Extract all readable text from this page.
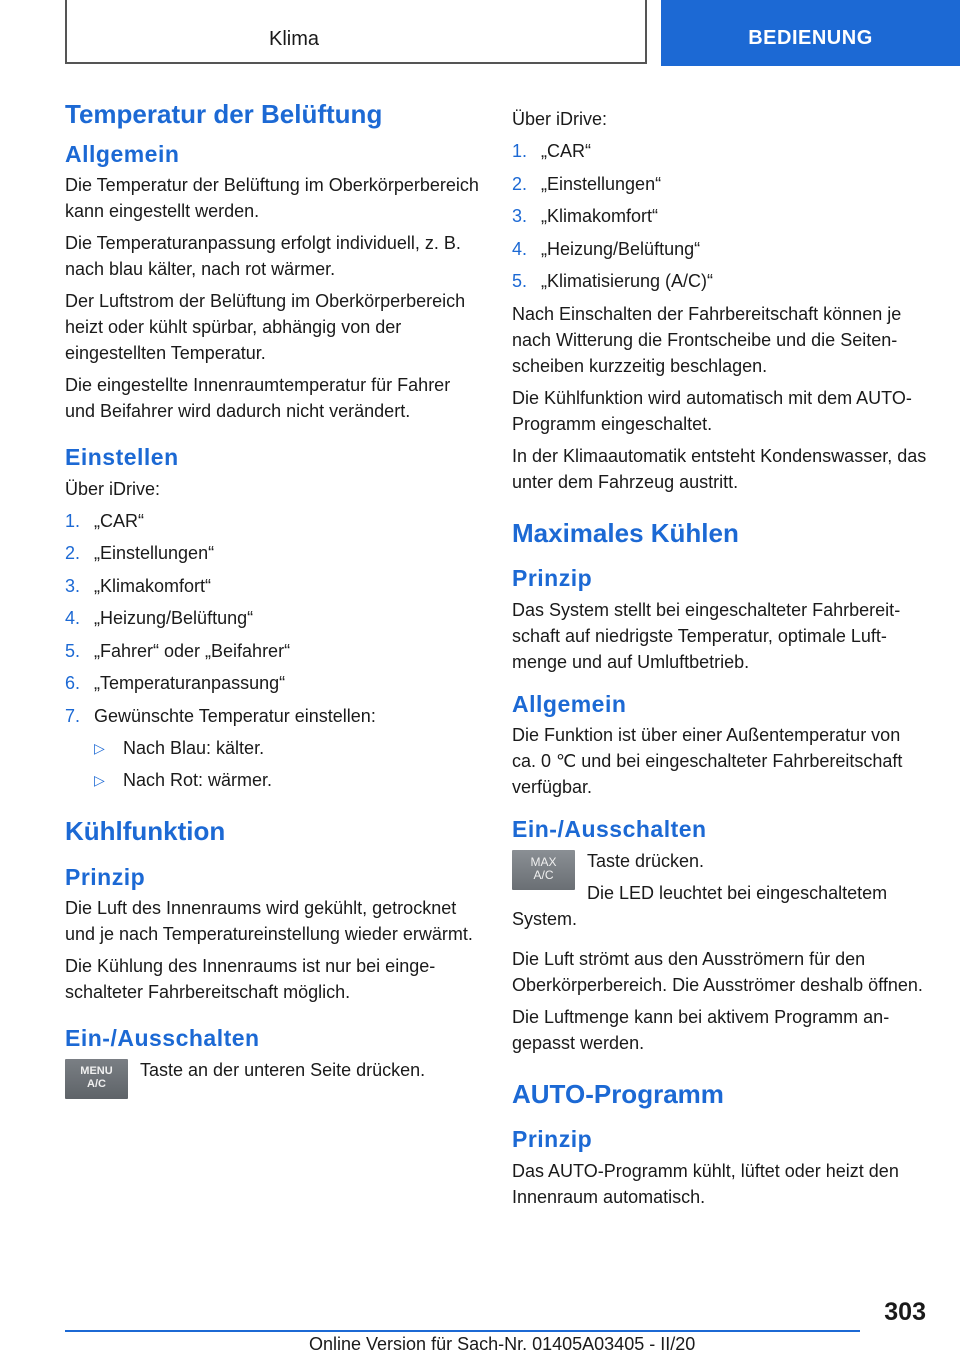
Klima	BEDIENUNG
Temperatur der Belüftung
Allgemein

Die Temperatur der Belüftung im Oberkörperbereich kann eingestellt werden.

Die Temperaturanpassung erfolgt individuell, z. B. nach blau kälter, nach rot wärmer.

Der Luftstrom der Belüftung im Oberkörperbereich heizt oder kühlt spürbar, abhängig von der eingestellten Temperatur.

Die eingestellte Innenraumtemperatur für Fahrer und Beifahrer wird dadurch nicht verändert.

Einstellen

Über iDrive:

1. „CAR“
2. „Einstellungen“
3. „Klimakomfort“
4. „Heizung/Belüftung“
5. „Fahrer“ oder „Beifahrer“
6. „Temperaturanpassung“
7. Gewünschte Temperatur einstellen:
▷ Nach Blau: kälter.
▷ Nach Rot: wärmer.
Kühlfunktion
Prinzip

Die Luft des Innenraums wird gekühlt, getrocknet und je nach Temperatureinstellung wieder erwärmt.

Die Kühlung des Innenraums ist nur bei eingeschalteter Fahrbereitschaft möglich.

Ein-/Ausschalten
MENU
A/C

Taste an der unteren Seite drücken.

Über iDrive:

1. „CAR“
2. „Einstellungen“
3. „Klimakomfort“
4. „Heizung/Belüftung“
5. „Klimatisierung (A/C)“

Nach Einschalten der Fahrbereitschaft können je nach Witterung die Frontscheibe und die Seitenscheiben kurzzeitig beschlagen.

Die Kühlfunktion wird automatisch mit dem AUTO-Programm eingeschaltet.

In der Klimaautomatik entsteht Kondenswasser, das unter dem Fahrzeug austritt.

Maximales Kühlen
Prinzip

Das System stellt bei eingeschalteter Fahrbereitschaft auf niedrigste Temperatur, optimale Luftmenge und auf Umluftbetrieb.

Allgemein

Die Funktion ist über einer Außentemperatur von ca. 0 ℃ und bei eingeschalteter Fahrbereitschaft verfügbar.

Ein-/Ausschalten
MAX
A/C

Taste drücken.

Die LED leuchtet bei eingeschaltetem System.

Die Luft strömt aus den Ausströmern für den Oberkörperbereich. Die Ausströmer deshalb öffnen.

Die Luftmenge kann bei aktivem Programm angepasst werden.

AUTO-Programm
Prinzip

Das AUTO-Programm kühlt, lüftet oder heizt den Innenraum automatisch.

303
Online Version für Sach-Nr. 01405A03405 - II/20
